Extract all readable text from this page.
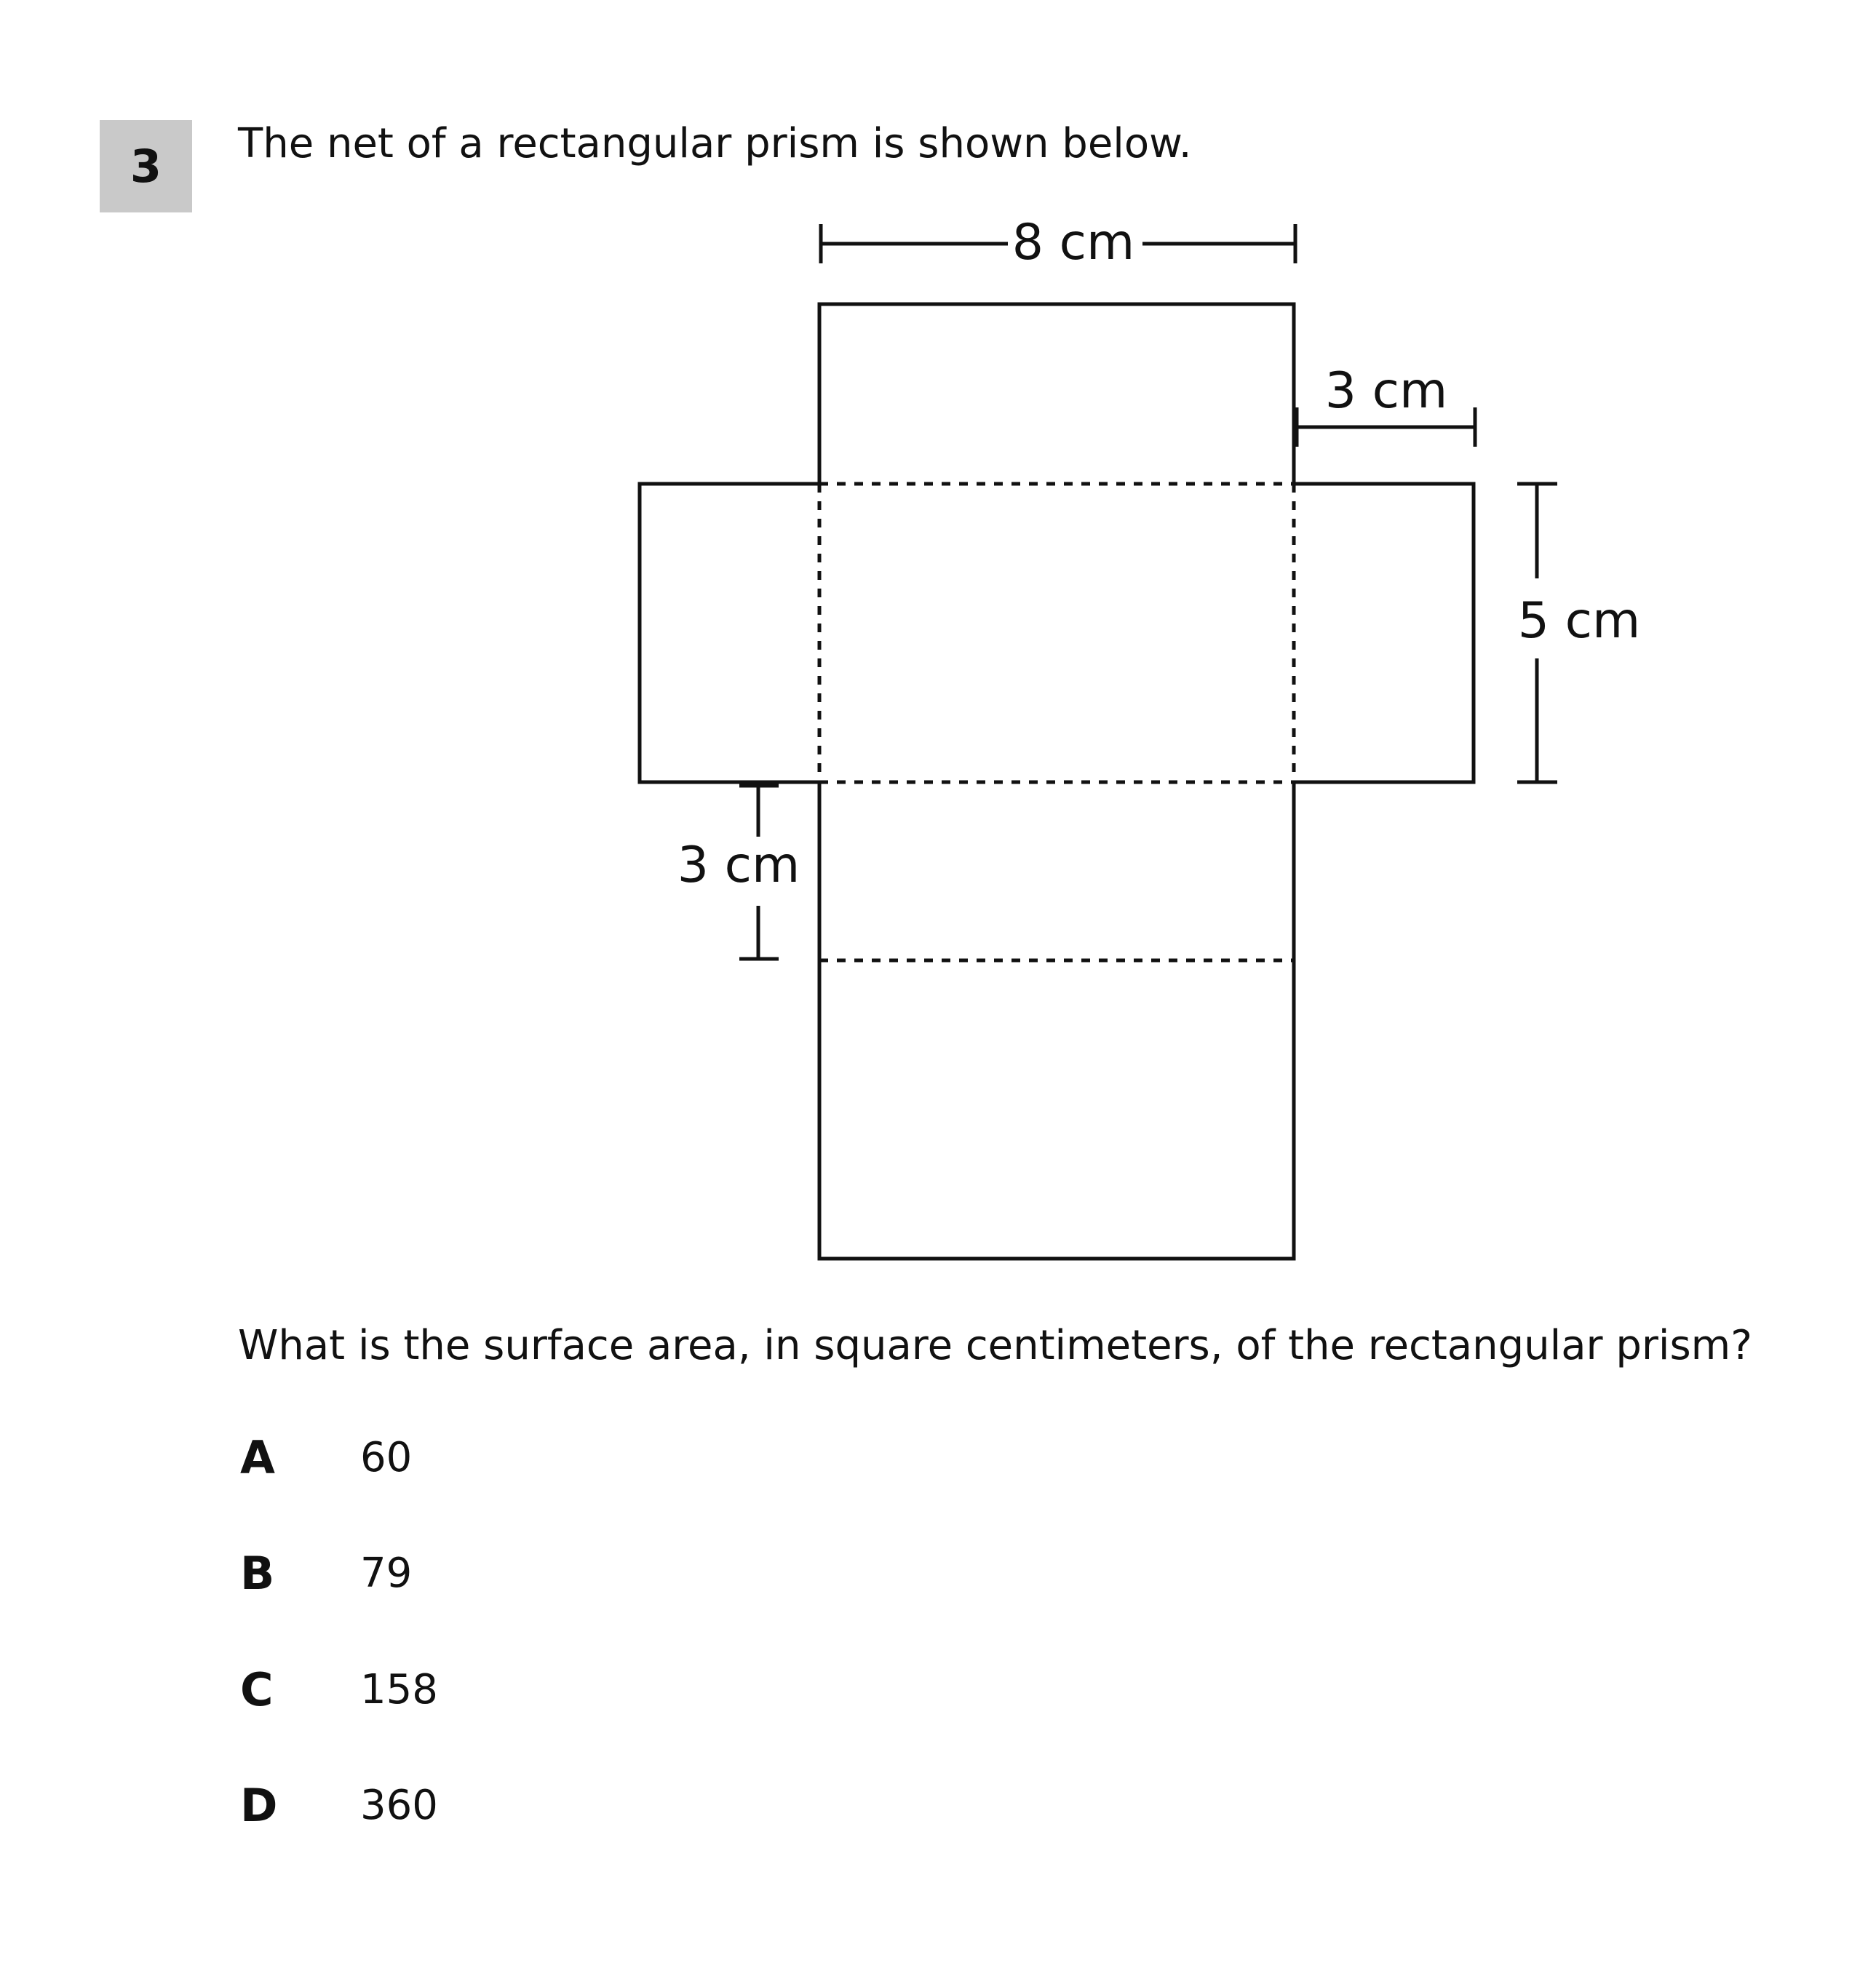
3	The net of a rectangular prism is shown below.
8 cm
3 cm
5 cm
3 cm
What is the surface area, in square centimeters, of the rectangular prism?
A	60
B	79
C	158
D	360
